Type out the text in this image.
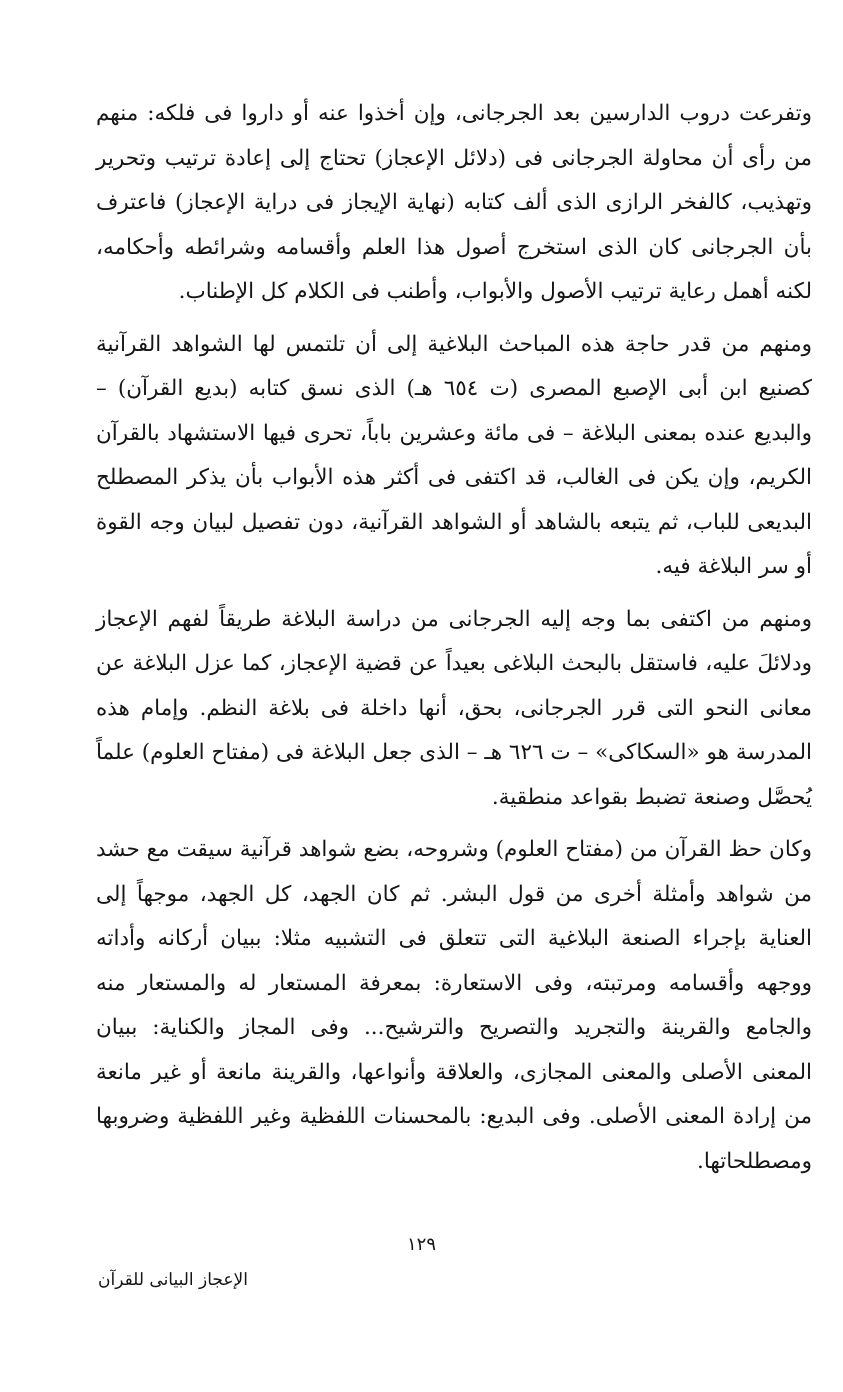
وتفرعت دروب الدارسين بعد الجرجانى، وإن أخذوا عنه أو داروا فى فلكه: منهم من رأى أن محاولة الجرجانى فى (دلائل الإعجاز) تحتاج إلى إعادة ترتيب وتحرير وتهذيب، كالفخر الرازى الذى ألف كتابه (نهاية الإيجاز فى دراية الإعجاز) فاعترف بأن الجرجانى كان الذى استخرج أصول هذا العلم وأقسامه وشرائطه وأحكامه، لكنه أهمل رعاية ترتيب الأصول والأبواب، وأطنب فى الكلام كل الإطناب.

ومنهم من قدر حاجة هذه المباحث البلاغية إلى أن تلتمس لها الشواهد القرآنية كصنيع ابن أبى الإصبع المصرى (ت ٦٥٤ هـ) الذى نسق كتابه (بديع القرآن) – والبديع عنده بمعنى البلاغة – فى مائة وعشرين باباً، تحرى فيها الاستشهاد بالقرآن الكريم، وإن يكن فى الغالب، قد اكتفى فى أكثر هذه الأبواب بأن يذكر المصطلح البديعى للباب، ثم يتبعه بالشاهد أو الشواهد القرآنية، دون تفصيل لبيان وجه القوة أو سر البلاغة فيه.

ومنهم من اكتفى بما وجه إليه الجرجانى من دراسة البلاغة طريقاً لفهم الإعجاز ودلائلَ عليه، فاستقل بالبحث البلاغى بعيداً عن قضية الإعجاز، كما عزل البلاغة عن معانى النحو التى قرر الجرجانى، بحق، أنها داخلة فى بلاغة النظم. وإمام هذه المدرسة هو «السكاكى» – ت ٦٢٦ هـ – الذى جعل البلاغة فى (مفتاح العلوم) علماً يُحصَّل وصنعة تضبط بقواعد منطقية.

وكان حظ القرآن من (مفتاح العلوم) وشروحه، بضع شواهد قرآنية سيقت مع حشد من شواهد وأمثلة أخرى من قول البشر. ثم كان الجهد، كل الجهد، موجهاً إلى العناية بإجراء الصنعة البلاغية التى تتعلق فى التشبيه مثلا: ببيان أركانه وأداته ووجهه وأقسامه ومرتبته، وفى الاستعارة: بمعرفة المستعار له والمستعار منه والجامع والقرينة والتجريد والتصريح والترشيح... وفى المجاز والكناية: ببيان المعنى الأصلى والمعنى المجازى، والعلاقة وأنواعها، والقرينة مانعة أو غير مانعة من إرادة المعنى الأصلى. وفى البديع: بالمحسنات اللفظية وغير اللفظية وضروبها ومصطلحاتها.

١٢٩
الإعجاز البيانى للقرآن
